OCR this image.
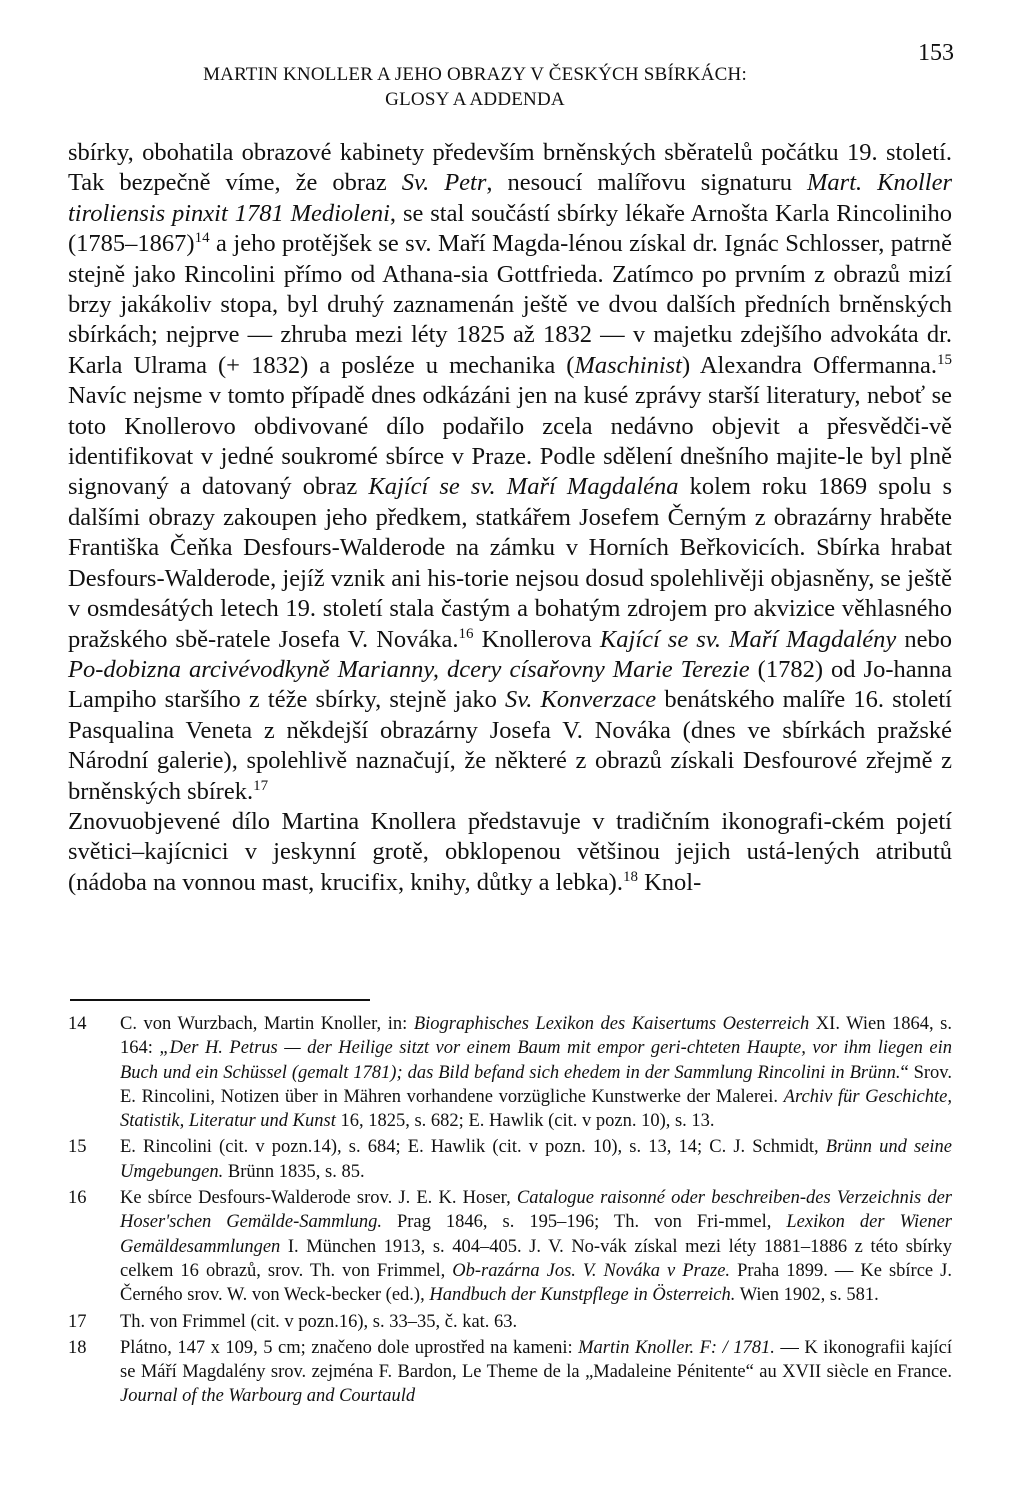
153
MARTIN KNOLLER A JEHO OBRAZY V ČESKÝCH SBÍRKÁCH:
GLOSY A ADDENDA

sbírky, obohatila obrazové kabinety především brněnských sběratelů počátku 19. století. Tak bezpečně víme, že obraz Sv. Petr, nesoucí malířovu signaturu Mart. Knoller tiroliensis pinxit 1781 Medioleni, se stal součástí sbírky lékaře Arnošta Karla Rincoliniho (1785–1867)$^{14}$ a jeho protějšek se sv. Maří Magda-lénou získal dr. Ignác Schlosser, patrně stejně jako Rincolini přímo od Athana-sia Gottfrieda. Zatímco po prvním z obrazů mizí brzy jakákoliv stopa, byl druhý zaznamenán ještě ve dvou dalších předních brněnských sbírkách; nejprve — zhruba mezi léty 1825 až 1832 — v majetku zdejšího advokáta dr. Karla Ulrama (+ 1832) a posléze u mechanika (Maschinist) Alexandra Offermanna.$^{15}$ Navíc nejsme v tomto případě dnes odkázáni jen na kusé zprávy starší literatury, neboť se toto Knollerovo obdivované dílo podařilo zcela nedávno objevit a přesvědči-vě identifikovat v jedné soukromé sbírce v Praze. Podle sdělení dnešního majite-le byl plně signovaný a datovaný obraz Kající se sv. Maří Magdaléna kolem roku 1869 spolu s dalšími obrazy zakoupen jeho předkem, statkářem Josefem Černým z obrazárny hraběte Františka Čeňka Desfours-Walderode na zámku v Horních Beřkovicích. Sbírka hrabat Desfours-Walderode, jejíž vznik ani his-torie nejsou dosud spolehlivěji objasněny, se ještě v osmdesátých letech 19. století stala častým a bohatým zdrojem pro akvizice věhlasného pražského sbě-ratele Josefa V. Nováka.$^{16}$ Knollerova Kající se sv. Maří Magdalény nebo Po-dobizna arcivévodkyně Marianny, dcery císařovny Marie Terezie (1782) od Jo-hanna Lampiho staršího z téže sbírky, stejně jako Sv. Konverzace benátského malíře 16. století Pasqualina Veneta z někdejší obrazárny Josefa V. Nováka (dnes ve sbírkách pražské Národní galerie), spolehlivě naznačují, že některé z obrazů získali Desfourové zřejmě z brněnských sbírek.$^{17}$

Znovuobjevené dílo Martina Knollera představuje v tradičním ikonografi-ckém pojetí světici–kajícnici v jeskynní grotě, obklopenou většinou jejich ustá-lených atributů (nádoba na vonnou mast, krucifix, knihy, důtky a lebka).$^{18}$ Knol-

14	C. von Wurzbach, Martin Knoller, in: Biographisches Lexikon des Kaisertums Oesterreich XI. Wien 1864, s. 164: „Der H. Petrus — der Heilige sitzt vor einem Baum mit empor geri-chteten Haupte, vor ihm liegen ein Buch und ein Schüssel (gemalt 1781); das Bild befand sich ehedem in der Sammlung Rincolini in Brünn.“ Srov. E. Rincolini, Notizen über in Mähren vorhandene vorzügliche Kunstwerke der Malerei. Archiv für Geschichte, Statistik, Literatur und Kunst 16, 1825, s. 682; E. Hawlik (cit. v pozn. 10), s. 13.
15	E. Rincolini (cit. v pozn.14), s. 684; E. Hawlik (cit. v pozn. 10), s. 13, 14; C. J. Schmidt, Brünn und seine Umgebungen. Brünn 1835, s. 85.
16	Ke sbírce Desfours-Walderode srov. J. E. K. Hoser, Catalogue raisonné oder beschreiben-des Verzeichnis der Hoser'schen Gemälde-Sammlung. Prag 1846, s. 195–196; Th. von Fri-mmel, Lexikon der Wiener Gemäldesammlungen I. München 1913, s. 404–405. J. V. No-vák získal mezi léty 1881–1886 z této sbírky celkem 16 obrazů, srov. Th. von Frimmel, Ob-razárna Jos. V. Nováka v Praze. Praha 1899. — Ke sbírce J. Černého srov. W. von Weck-becker (ed.), Handbuch der Kunstpflege in Österreich. Wien 1902, s. 581.
17	Th. von Frimmel (cit. v pozn.16), s. 33–35, č. kat. 63.
18	Plátno, 147 x 109, 5 cm; značeno dole uprostřed na kameni: Martin Knoller. F: / 1781. — K ikonografii kající se Máří Magdalény srov. zejména F. Bardon, Le Theme de la „Madaleine Pénitente“ au XVII siècle en France. Journal of the Warbourg and Courtauld
